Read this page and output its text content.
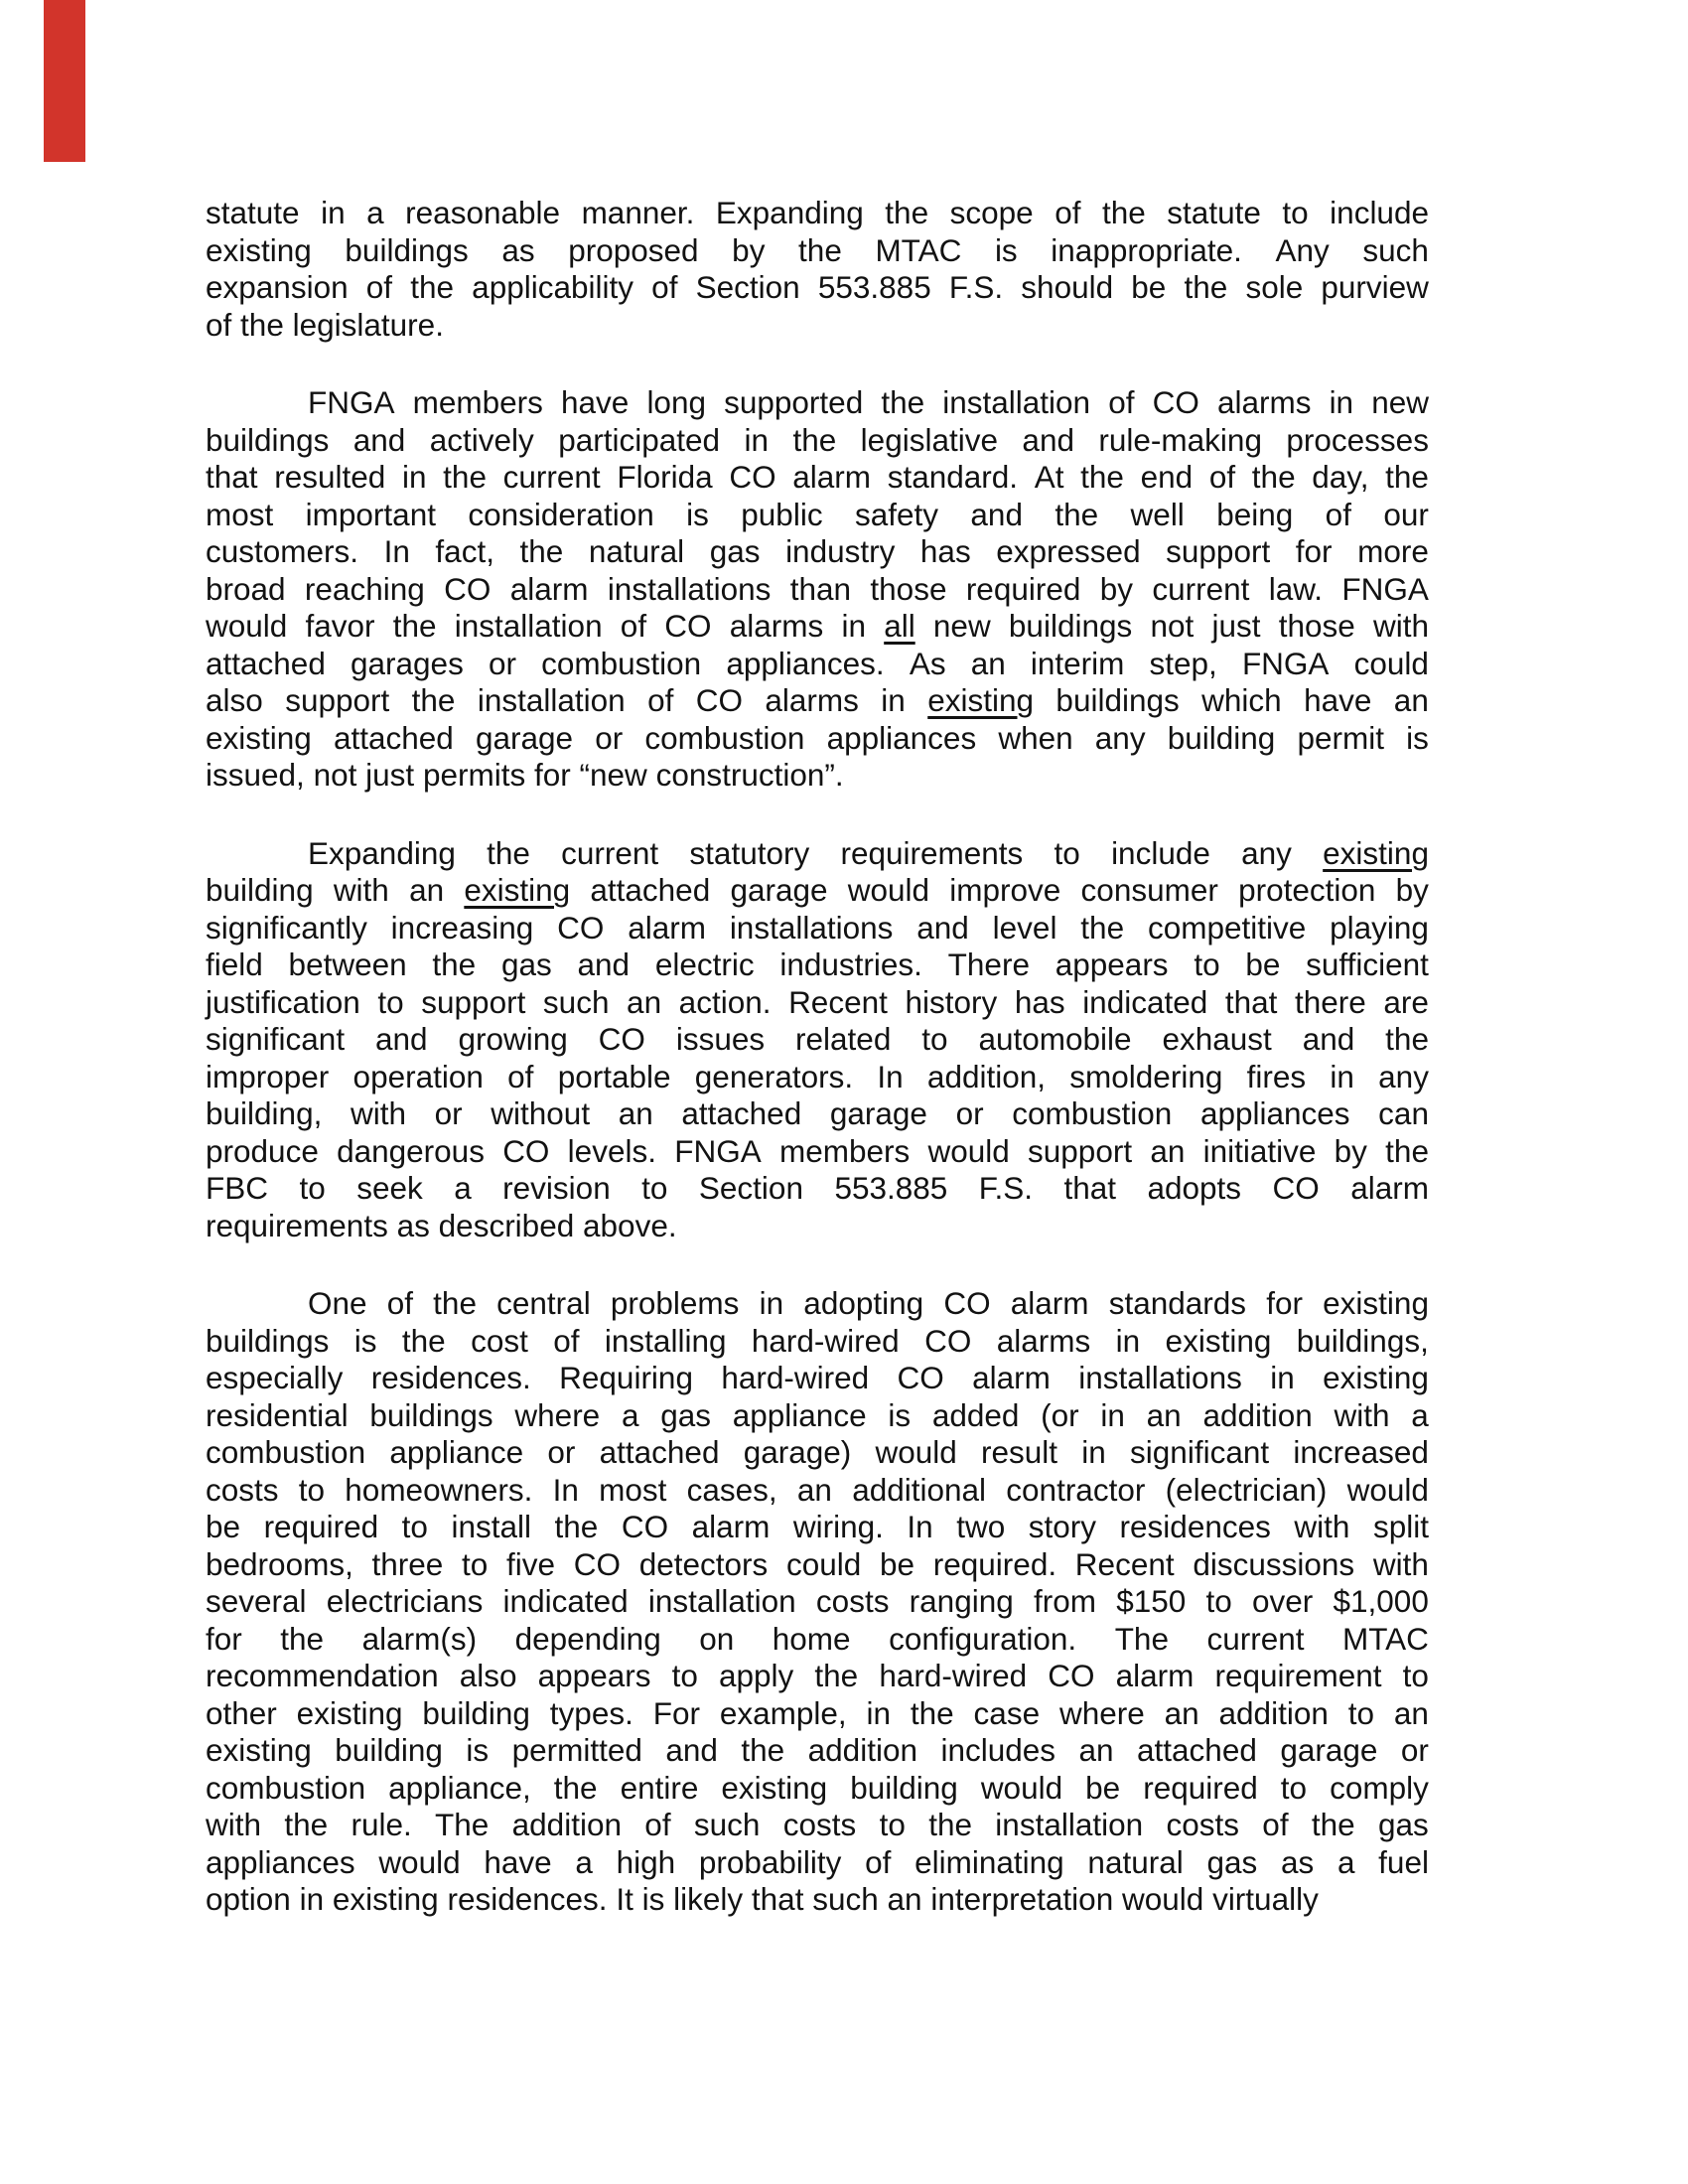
statute in a reasonable manner. Expanding the scope of the statute to include
existing buildings as proposed by the MTAC is inappropriate. Any such
expansion of the applicability of Section 553.885 F.S. should be the sole purview
of the legislature.
FNGA members have long supported the installation of CO alarms in new
buildings and actively participated in the legislative and rule-making processes
that resulted in the current Florida CO alarm standard. At the end of the day, the
most important consideration is public safety and the well being of our
customers. In fact, the natural gas industry has expressed support for more
broad reaching CO alarm installations than those required by current law. FNGA
would favor the installation of CO alarms in all new buildings not just those with
attached garages or combustion appliances. As an interim step, FNGA could
also support the installation of CO alarms in existing buildings which have an
existing attached garage or combustion appliances when any building permit is
issued, not just permits for “new construction”.
Expanding the current statutory requirements to include any existing
building with an existing attached garage would improve consumer protection by
significantly increasing CO alarm installations and level the competitive playing
field between the gas and electric industries. There appears to be sufficient
justification to support such an action. Recent history has indicated that there are
significant and growing CO issues related to automobile exhaust and the
improper operation of portable generators. In addition, smoldering fires in any
building, with or without an attached garage or combustion appliances can
produce dangerous CO levels. FNGA members would support an initiative by the
FBC to seek a revision to Section 553.885 F.S. that adopts CO alarm
requirements as described above.
One of the central problems in adopting CO alarm standards for existing
buildings is the cost of installing hard-wired CO alarms in existing buildings,
especially residences. Requiring hard-wired CO alarm installations in existing
residential buildings where a gas appliance is added (or in an addition with a
combustion appliance or attached garage) would result in significant increased
costs to homeowners. In most cases, an additional contractor (electrician) would
be required to install the CO alarm wiring. In two story residences with split
bedrooms, three to five CO detectors could be required. Recent discussions with
several electricians indicated installation costs ranging from $150 to over $1,000
for the alarm(s) depending on home configuration. The current MTAC
recommendation also appears to apply the hard-wired CO alarm requirement to
other existing building types. For example, in the case where an addition to an
existing building is permitted and the addition includes an attached garage or
combustion appliance, the entire existing building would be required to comply
with the rule. The addition of such costs to the installation costs of the gas
appliances would have a high probability of eliminating natural gas as a fuel
option in existing residences. It is likely that such an interpretation would virtually
